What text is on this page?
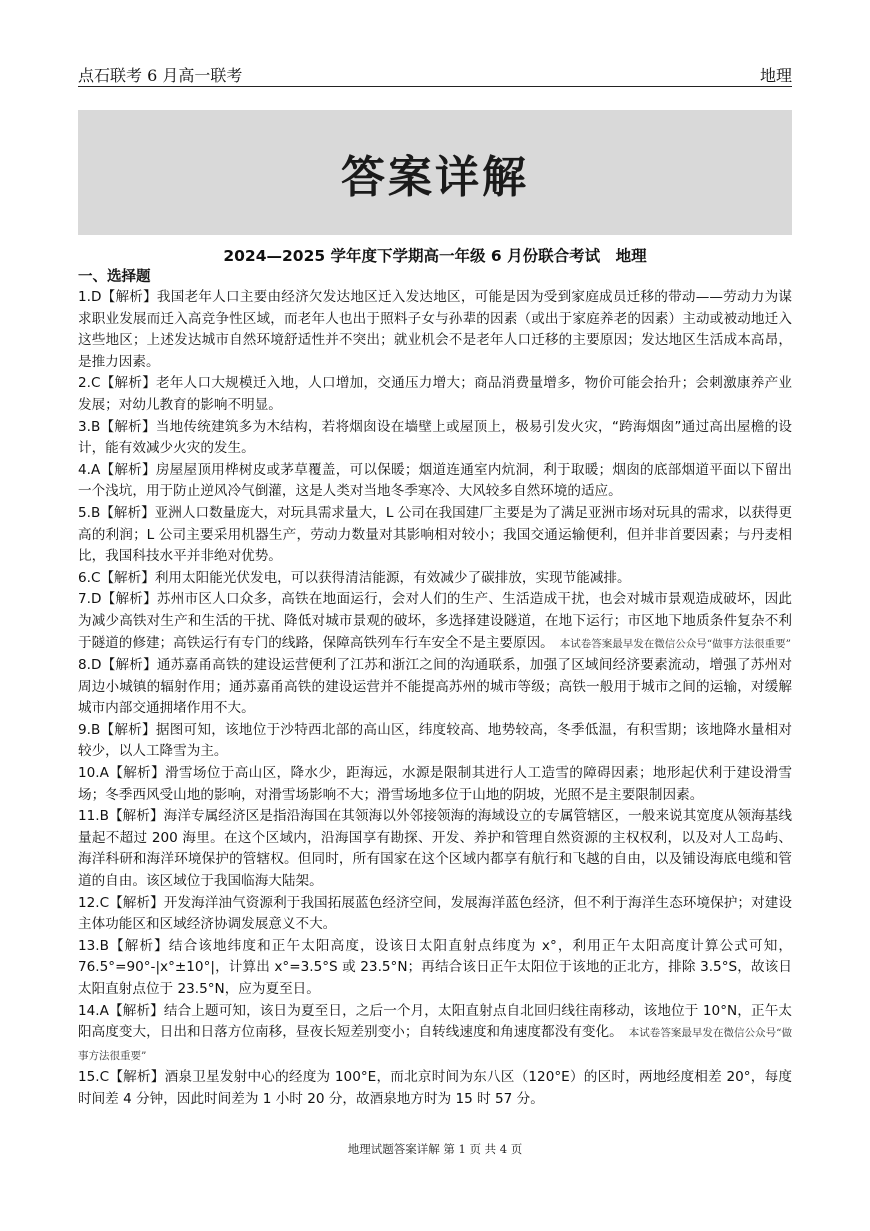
点石联考 6 月高一联考	地理
答案详解
2024—2025 学年度下学期高一年级 6 月份联合考试　地理
一、选择题

1.D【解析】我国老年人口主要由经济欠发达地区迁入发达地区，可能是因为受到家庭成员迁移的带动——劳动力为谋求职业发展而迁入高竞争性区域，而老年人也出于照料子女与孙辈的因素（或出于家庭养老的因素）主动或被动地迁入这些地区；上述发达城市自然环境舒适性并不突出；就业机会不是老年人口迁移的主要原因；发达地区生活成本高昂，是推力因素。

2.C【解析】老年人口大规模迁入地，人口增加，交通压力增大；商品消费量增多，物价可能会抬升；会刺激康养产业发展；对幼儿教育的影响不明显。

3.B【解析】当地传统建筑多为木结构，若将烟囱设在墙壁上或屋顶上，极易引发火灾，“跨海烟囱”通过高出屋檐的设计，能有效减少火灾的发生。

4.A【解析】房屋屋顶用桦树皮或茅草覆盖，可以保暖；烟道连通室内炕洞，利于取暖；烟囱的底部烟道平面以下留出一个浅坑，用于防止逆风冷气倒灌，这是人类对当地冬季寒冷、大风较多自然环境的适应。

5.B【解析】亚洲人口数量庞大，对玩具需求量大，L 公司在我国建厂主要是为了满足亚洲市场对玩具的需求，以获得更高的利润；L 公司主要采用机器生产，劳动力数量对其影响相对较小；我国交通运输便利，但并非首要因素；与丹麦相比，我国科技水平并非绝对优势。

6.C【解析】利用太阳能光伏发电，可以获得清洁能源，有效减少了碳排放，实现节能减排。

7.D【解析】苏州市区人口众多，高铁在地面运行，会对人们的生产、生活造成干扰，也会对城市景观造成破坏，因此为减少高铁对生产和生活的干扰、降低对城市景观的破坏，多选择建设隧道，在地下运行；市区地下地质条件复杂不利于隧道的修建；高铁运行有专门的线路，保障高铁列车行车安全不是主要原因。 本试卷答案最早发在微信公众号“做事方法很重要”

8.D【解析】通苏嘉甬高铁的建设运营便利了江苏和浙江之间的沟通联系，加强了区域间经济要素流动，增强了苏州对周边小城镇的辐射作用；通苏嘉甬高铁的建设运营并不能提高苏州的城市等级；高铁一般用于城市之间的运输，对缓解城市内部交通拥堵作用不大。

9.B【解析】据图可知，该地位于沙特西北部的高山区，纬度较高、地势较高，冬季低温，有积雪期；该地降水量相对较少，以人工降雪为主。

10.A【解析】滑雪场位于高山区，降水少，距海远，水源是限制其进行人工造雪的障碍因素；地形起伏利于建设滑雪场；冬季西风受山地的影响，对滑雪场影响不大；滑雪场地多位于山地的阴坡，光照不是主要限制因素。

11.B【解析】海洋专属经济区是指沿海国在其领海以外邻接领海的海域设立的专属管辖区，一般来说其宽度从领海基线量起不超过 200 海里。在这个区域内，沿海国享有勘探、开发、养护和管理自然资源的主权权利，以及对人工岛屿、海洋科研和海洋环境保护的管辖权。但同时，所有国家在这个区域内都享有航行和飞越的自由，以及铺设海底电缆和管道的自由。该区域位于我国临海大陆架。

12.C【解析】开发海洋油气资源利于我国拓展蓝色经济空间，发展海洋蓝色经济，但不利于海洋生态环境保护；对建设主体功能区和区域经济协调发展意义不大。

13.B【解析】结合该地纬度和正午太阳高度，设该日太阳直射点纬度为 x°，利用正午太阳高度计算公式可知，76.5°=90°-|x°±10°|，计算出 x°=3.5°S 或 23.5°N；再结合该日正午太阳位于该地的正北方，排除 3.5°S，故该日太阳直射点位于 23.5°N，应为夏至日。

14.A【解析】结合上题可知，该日为夏至日，之后一个月，太阳直射点自北回归线往南移动，该地位于 10°N，正午太阳高度变大，日出和日落方位南移，昼夜长短差别变小；自转线速度和角速度都没有变化。 本试卷答案最早发在微信公众号“做事方法很重要”

15.C【解析】酒泉卫星发射中心的经度为 100°E，而北京时间为东八区（120°E）的区时，两地经度相差 20°，每度时间差 4 分钟，因此时间差为 1 小时 20 分，故酒泉地方时为 15 时 57 分。

地理试题答案详解 第 1 页 共 4 页
